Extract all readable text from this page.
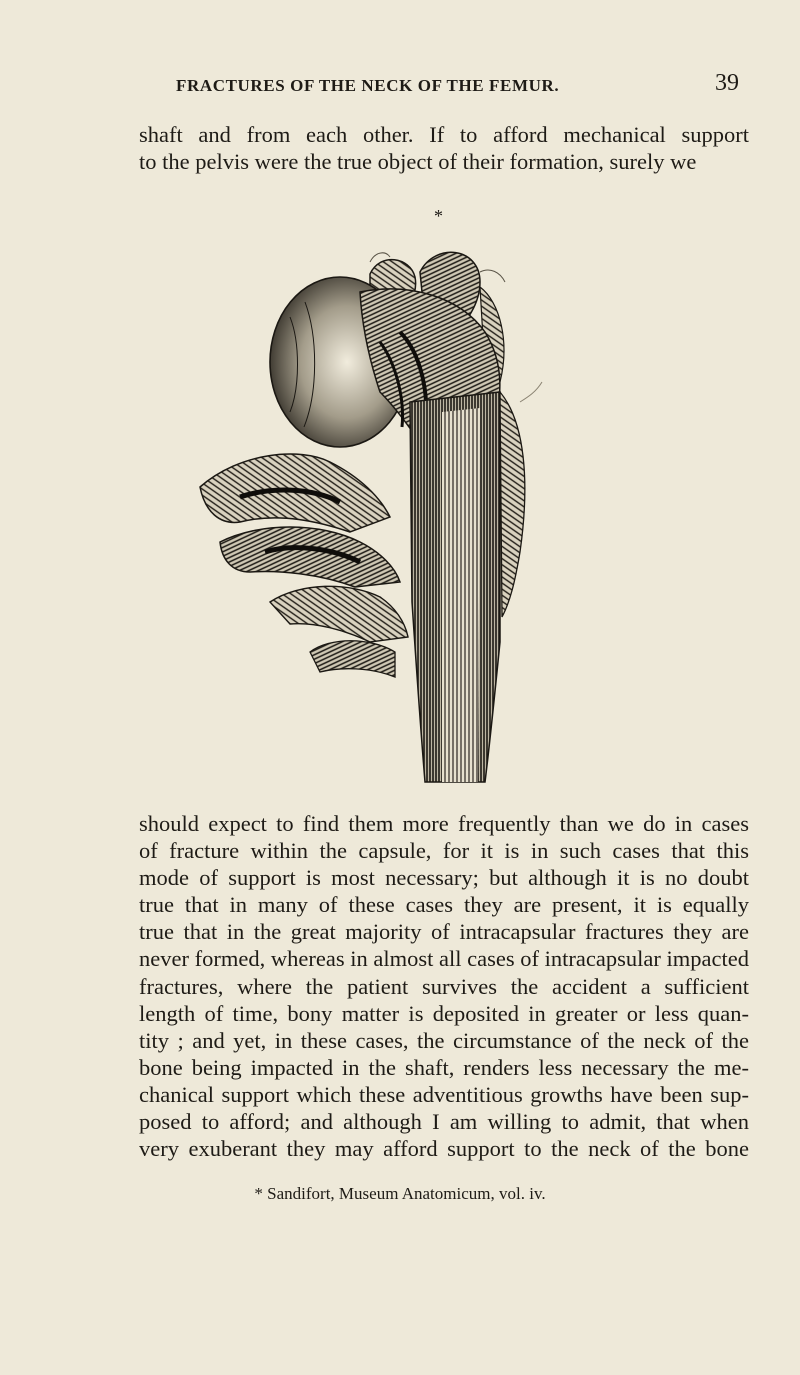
FRACTURES OF THE NECK OF THE FEMUR.	39
shaft and from each other. If to afford mechanical support
to the pelvis were the true object of their formation, surely we
*
should expect to find them more frequently than we do in cases
of fracture within the capsule, for it is in such cases that this
mode of support is most necessary; but although it is no doubt
true that in many of these cases they are present, it is equally
true that in the great majority of intracapsular fractures they are
never formed, whereas in almost all cases of intracapsular impacted
fractures, where the patient survives the accident a sufficient
length of time, bony matter is deposited in greater or less quan-
tity ; and yet, in these cases, the circumstance of the neck of the
bone being impacted in the shaft, renders less necessary the me-
chanical support which these adventitious growths have been sup-
posed to afford; and although I am willing to admit, that when
very exuberant they may afford support to the neck of the bone
* Sandifort, Museum Anatomicum, vol. iv.
